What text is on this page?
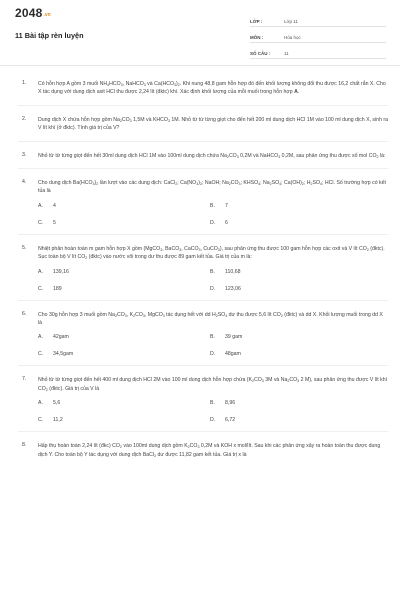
2048.vn
11 Bài tập rèn luyện
LỚP :	Lớp 11
MÔN :	Hóa học
SỐ CÂU :	11
1. Có hỗn hợp A gồm 3 muối $NH_4HCO_3$, NaHCO$_3$ và $Ca(HCO_3)_2$. Khi nung 48,8 gam hỗn hợp đó đến khối lượng không đổi thu được 16,2 chất rắn X. Cho X tác dụng với dung dịch axit HCl thu được 2,24 lít (đktc) khí. Xác định khối lượng của mỗi muối trong hỗn hợp A.
2. Dung dịch X chứa hỗn hợp gồm $Na_2CO_3$ 1,5M và $KHCO_3$ 1M. Nhỏ từ từ từng giọt cho đến hết 200 ml dung dịch HCl 1M vào 100 ml dung dịch X, sinh ra V lít khí (ở đktc). Tính giá trị của V?
3. Nhỏ từ từ từng giọt đến hết 30ml dung dịch HCl 1M vào 100ml dung dịch chứa $Na_2CO_3$ 0,2M và NaHCO$_3$ 0,2M, sau phản ứng thu được số mol $CO_2$ là:
4. Cho dung dịch $Ba(HCO_3)_2$ lần lượt vào các dung dịch: CaCl$_2$; $Ca(NO_3)_2$; NaOH; $Na_2CO_3$; $KHSO_4$; $Na_2SO_4$; $Ca(OH)_2$; $H_2SO_4$; HCl. Số trường hợp có kết tủa là
A.	4	B.	7
C.	5	D.	6
5. Nhiệt phân hoàn toàn m gam hỗn hợp X gồm (MgCO$_3$, BaCO$_3$, CaCO$_3$, CuCO$_3$), sau phản ứng thu được 100 gam hỗn hợp các oxit và V lít $CO_2$ (đktc). Sục toàn bộ V lít $CO_2$ (đktc) vào nước vôi trong dư thu được 89 gam kết tủa. Giá trị của m là:
A.	139,16	B.	110,68
C.	189	D.	123,06
6. Cho 30g hỗn hợp 3 muối gồm $Na_2CO_3$, $K_2CO_3$, MgCO$_3$ tác dụng hết với dd $H_2SO_4$ dư thu được 5,6 lít $CO_2$ (đktc) và dd X. Khối lượng muối trong dd X là
A.	42gam	B.	39 gam
C.	34,5gam	D.	48gam
7. Nhỏ từ từ từng giọt đến hết 400 ml dung dịch HCl 2M vào 100 ml dung dịch hỗn hợp chứa ($K_2CO_3$ 3M và $Na_2CO_3$ 2 M), sau phản ứng thu được V lít khí $CO_2$ (đktc). Giá trị của V là
A.	5,6	B.	8,96
C.	11,2	D.	6,72
8. Hấp thụ hoàn toàn 2,24 lít (đkc) $CO_2$ vào 100ml dung dịch gồm $K_2CO_3$ 0,2M và KOH x mol/lít. Sau khi các phản ứng xảy ra hoàn toàn thu được dung dịch Y. Cho toàn bộ Y tác dụng với dung dịch BaCl$_2$ dư được 11,82 gam kết tủa. Giá trị x là
